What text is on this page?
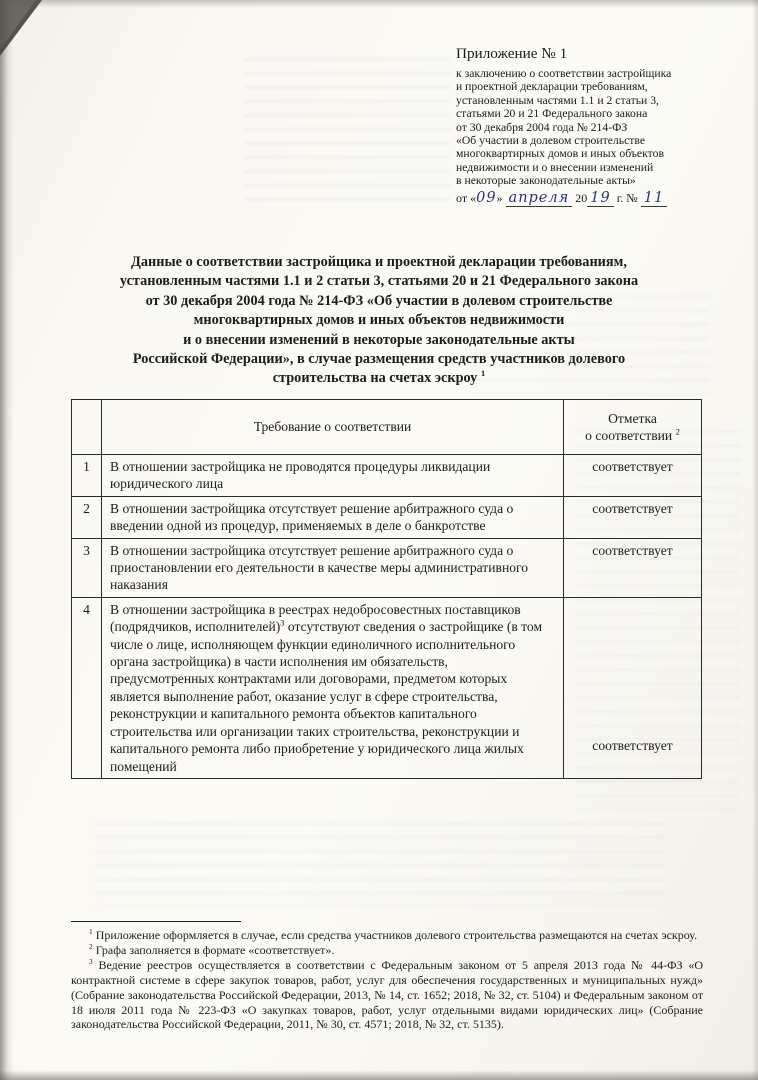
Приложение № 1
к заключению о соответствии застройщика
и проектной декларации требованиям,
установленным частями 1.1 и 2 статьи 3,
статьями 20 и 21 Федерального закона
от 30 декабря 2004 года № 214-ФЗ
«Об участии в долевом строительстве
многоквартирных домов и иных объектов
недвижимости и о внесении изменений
в некоторые законодательные акты»
от «09» апреля 20 19 г. № 11
Данные о соответствии застройщика и проектной декларации требованиям,
установленным частями 1.1 и 2 статьи 3, статьями 20 и 21 Федерального закона
от 30 декабря 2004 года № 214-ФЗ «Об участии в долевом строительстве
многоквартирных домов и иных объектов недвижимости
и о внесении изменений в некоторые законодательные акты
Российской Федерации», в случае размещения средств участников долевого
строительства на счетах эскроу $^1$
	Требование о соответствии	Отметка
о соответствии $^2$

1	В отношении застройщика не проводятся процедуры ликвидации юридического лица	соответствует
2	В отношении застройщика отсутствует решение арбитражного суда о введении одной из процедур, применяемых в деле о банкротстве	соответствует
3	В отношении застройщика отсутствует решение арбитражного суда о приостановлении его деятельности в качестве меры административного наказания	соответствует
4	В отношении застройщика в реестрах недобросовестных поставщиков (подрядчиков, исполнителей)$^3$ отсутствуют сведения о застройщике (в том числе о лице, исполняющем функции единоличного исполнительного органа застройщика) в части исполнения им обязательств, предусмотренных контрактами или договорами, предметом которых является выполнение работ, оказание услуг в сфере строительства, реконструкции и капитального ремонта объектов капитального строительства или организации таких строительства, реконструкции и капитального ремонта либо приобретение у юридического лица жилых помещений	соответствует

$^1$ Приложение оформляется в случае, если средства участников долевого строительства размещаются на счетах эскроу.

$^2$ Графа заполняется в формате «соответствует».

$^3$ Ведение реестров осуществляется в соответствии с Федеральным законом от 5 апреля 2013 года № 44-ФЗ «О контрактной системе в сфере закупок товаров, работ, услуг для обеспечения государственных и муниципальных нужд» (Собрание законодательства Российской Федерации, 2013, № 14, ст. 1652; 2018, № 32, ст. 5104) и Федеральным законом от 18 июля 2011 года № 223-ФЗ «О закупках товаров, работ, услуг отдельными видами юридических лиц» (Собрание законодательства Российской Федерации, 2011, № 30, ст. 4571; 2018, № 32, ст. 5135).
